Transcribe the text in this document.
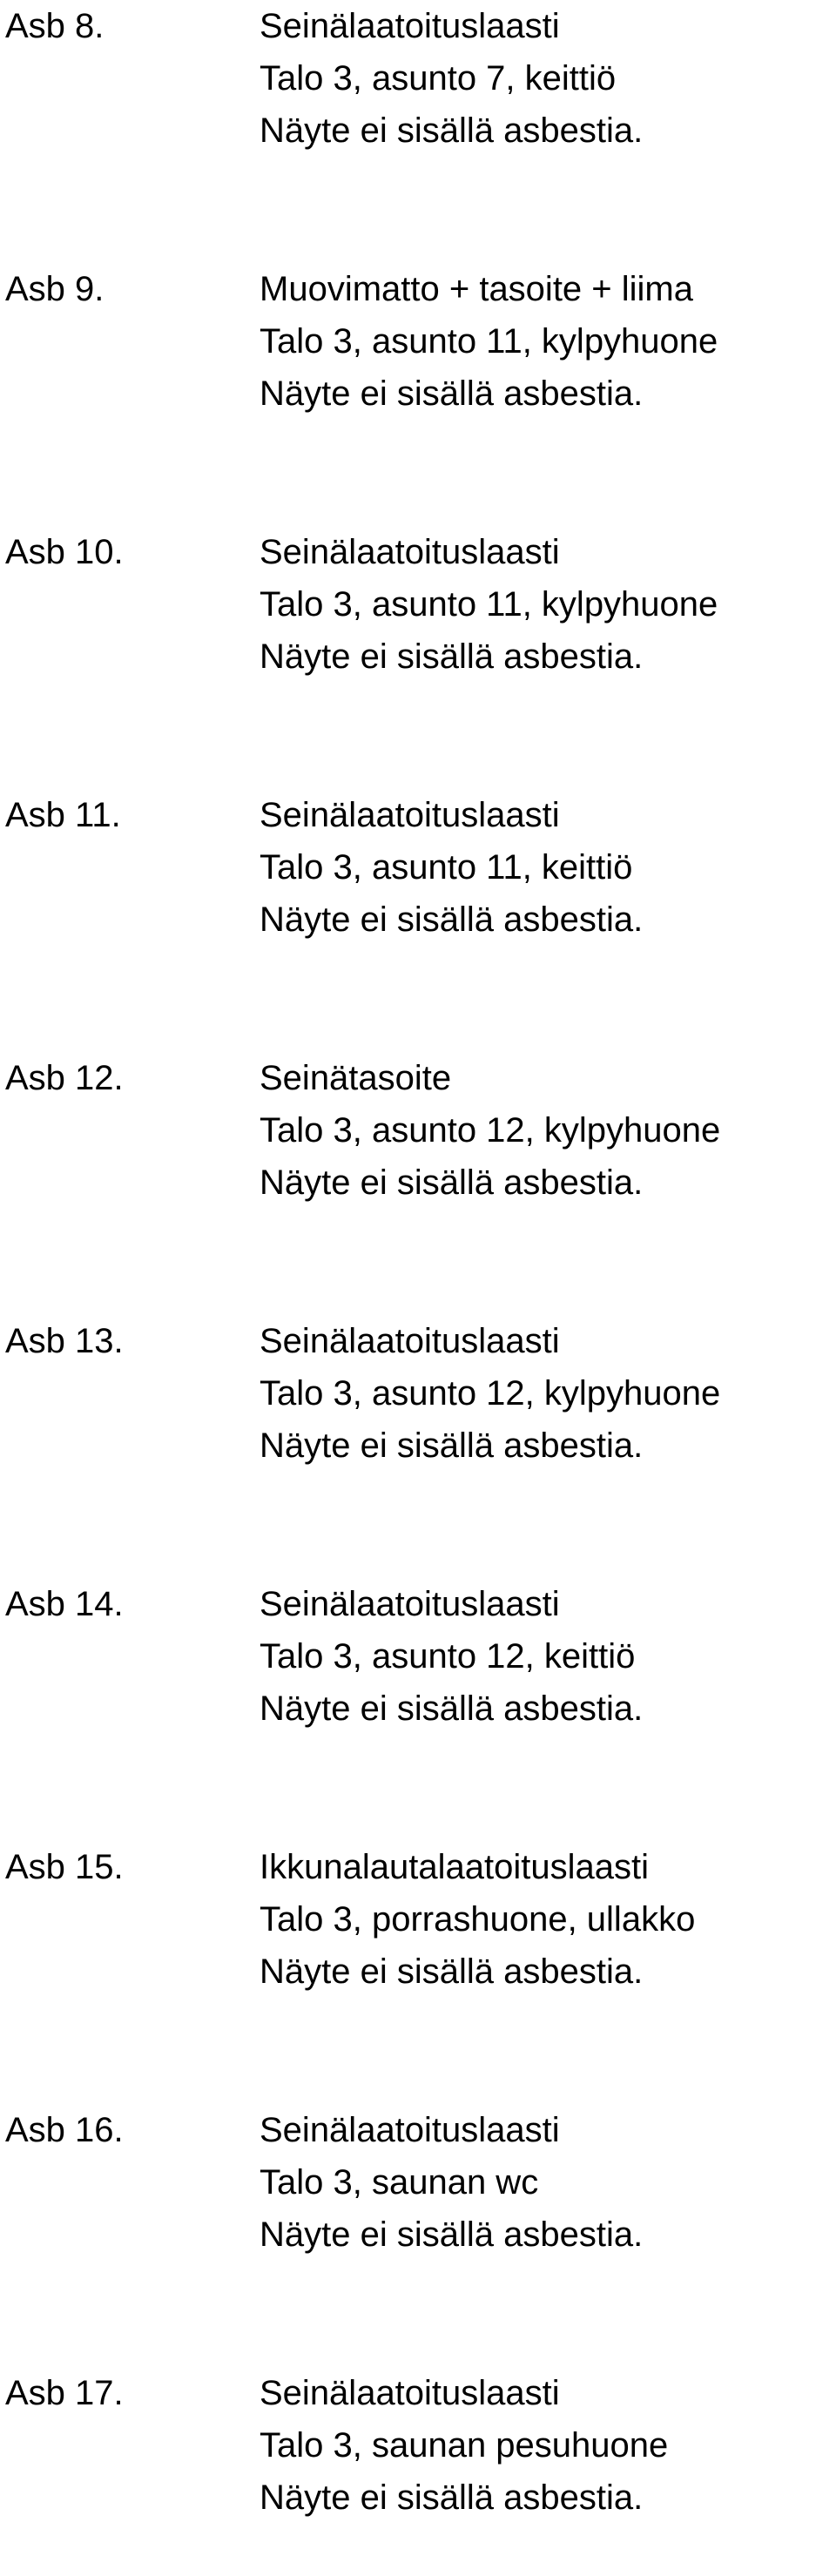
Asb 8.	Seinälaatoituslaasti
Talo 3, asunto 7, keittiö
Näyte ei sisällä asbestia.
Asb 9.	Muovimatto + tasoite + liima
Talo 3, asunto 11, kylpyhuone
Näyte ei sisällä asbestia.
Asb 10.	Seinälaatoituslaasti
Talo 3, asunto 11, kylpyhuone
Näyte ei sisällä asbestia.
Asb 11.	Seinälaatoituslaasti
Talo 3, asunto 11, keittiö
Näyte ei sisällä asbestia.
Asb 12.	Seinätasoite
Talo 3, asunto 12, kylpyhuone
Näyte ei sisällä asbestia.
Asb 13.	Seinälaatoituslaasti
Talo 3, asunto 12, kylpyhuone
Näyte ei sisällä asbestia.
Asb 14.	Seinälaatoituslaasti
Talo 3, asunto 12, keittiö
Näyte ei sisällä asbestia.
Asb 15.	Ikkunalautalaatoituslaasti
Talo 3, porrashuone, ullakko
Näyte ei sisällä asbestia.
Asb 16.	Seinälaatoituslaasti
Talo 3, saunan wc
Näyte ei sisällä asbestia.
Asb 17.	Seinälaatoituslaasti
Talo 3, saunan pesuhuone
Näyte ei sisällä asbestia.
